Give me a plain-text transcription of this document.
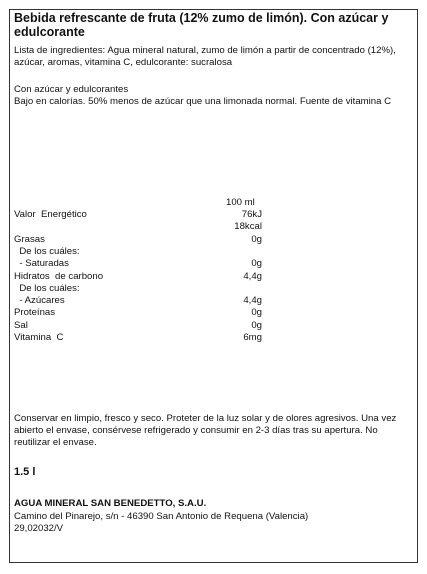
Bebida refrescante de fruta (12% zumo de limón). Con azúcar y edulcorante
Lista de ingredientes: Agua mineral natural, zumo de limón a partir de concentrado (12%), azúcar, aromas, vitamina C, edulcorante: sucralosa
Con azúcar y edulcorantes
Bajo en calorías. 50% menos de azúcar que una limonada normal. Fuente de vitamina C
100 ml
Valor  Energético	76kJ
18kcal
Grasas	0g
De los cuáles:
- Saturadas	0g
Hidratos  de carbono	4,4g
De los cuáles:
- Azúcares	4,4g
Proteínas	0g
Sal	0g
Vitamina  C	6mg
Conservar en limpio, fresco y seco. Proteter de la luz solar y de olores agresivos. Una vez abierto el envase, consérvese refrigerado y consumir en 2-3 días tras su apertura. No reutilizar el envase.
1.5 l
AGUA MINERAL SAN BENEDETTO, S.A.U.
Camino del Pinarejo, s/n - 46390 San Antonio de Requena (Valencia)
29,02032/V
